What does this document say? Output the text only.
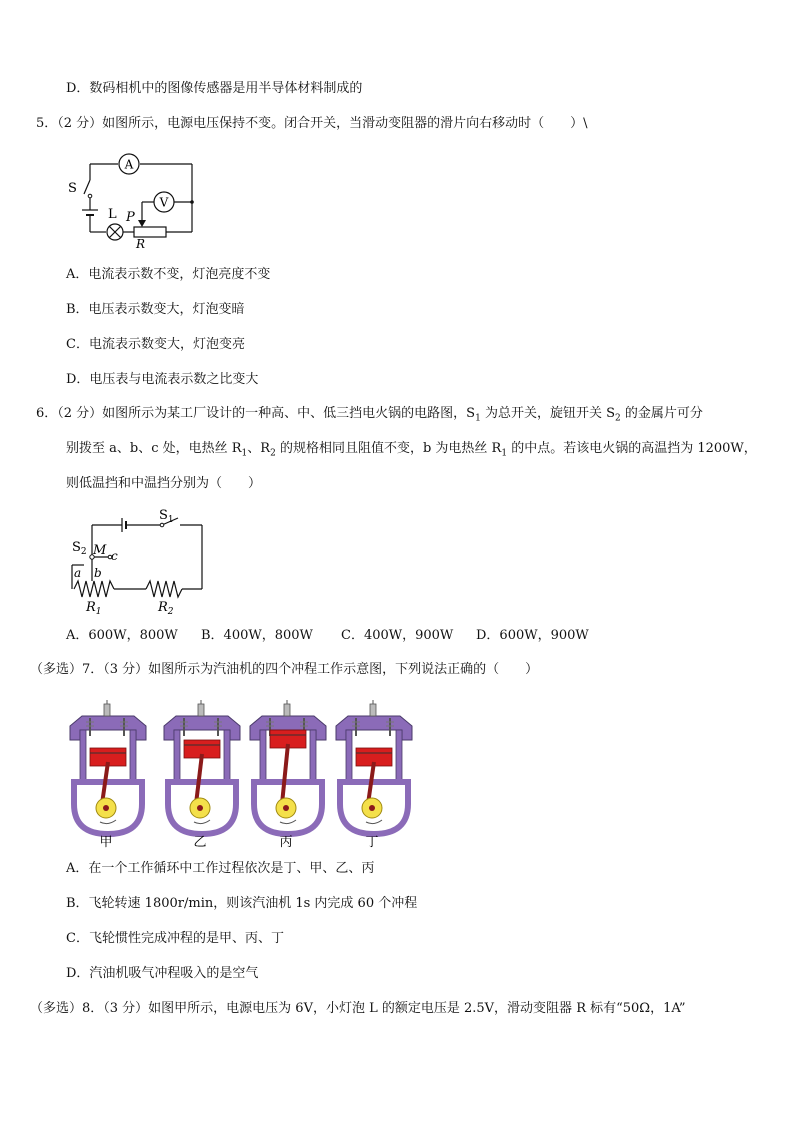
D．数码相机中的图像传感器是用半导体材料制成的
5．（2 分）如图所示，电源电压保持不变。闭合开关，当滑动变阻器的滑片向右移动时（　　）\
A
V
S
L P
R
A．电流表示数不变，灯泡亮度不变
B．电压表示数变大，灯泡变暗
C．电流表示数变大，灯泡变亮
D．电压表与电流表示数之比变大
6．（2 分）如图所示为某工厂设计的一种高、中、低三挡电火锅的电路图，$S_1$ 为总开关，旋钮开关 $S_2$ 的金属片可分
别拨至 a、b、c 处，电热丝 $R_1$、$R_2$ 的规格相同且阻值不变，b 为电热丝 $R_1$ 的中点。若该电火锅的高温挡为 1200W，
则低温挡和中温挡分别为（　　）
$S_1$
$S_2$ M c
a b
$R_1$	$R_2$
A．600W，800W B．400W，800W C．400W，900W D．600W，900W
（多选）7．（3 分）如图所示为汽油机的四个冲程工作示意图，下列说法正确的（　　）
甲	乙	丙	丁
A．在一个工作循环中工作过程依次是丁、甲、乙、丙
B．飞轮转速 1800r/min，则该汽油机 1s 内完成 60 个冲程
C．飞轮惯性完成冲程的是甲、丙、丁
D．汽油机吸气冲程吸入的是空气
（多选）8．（3 分）如图甲所示，电源电压为 6V，小灯泡 L 的额定电压是 2.5V，滑动变阻器 R 标有“50Ω，1A”
